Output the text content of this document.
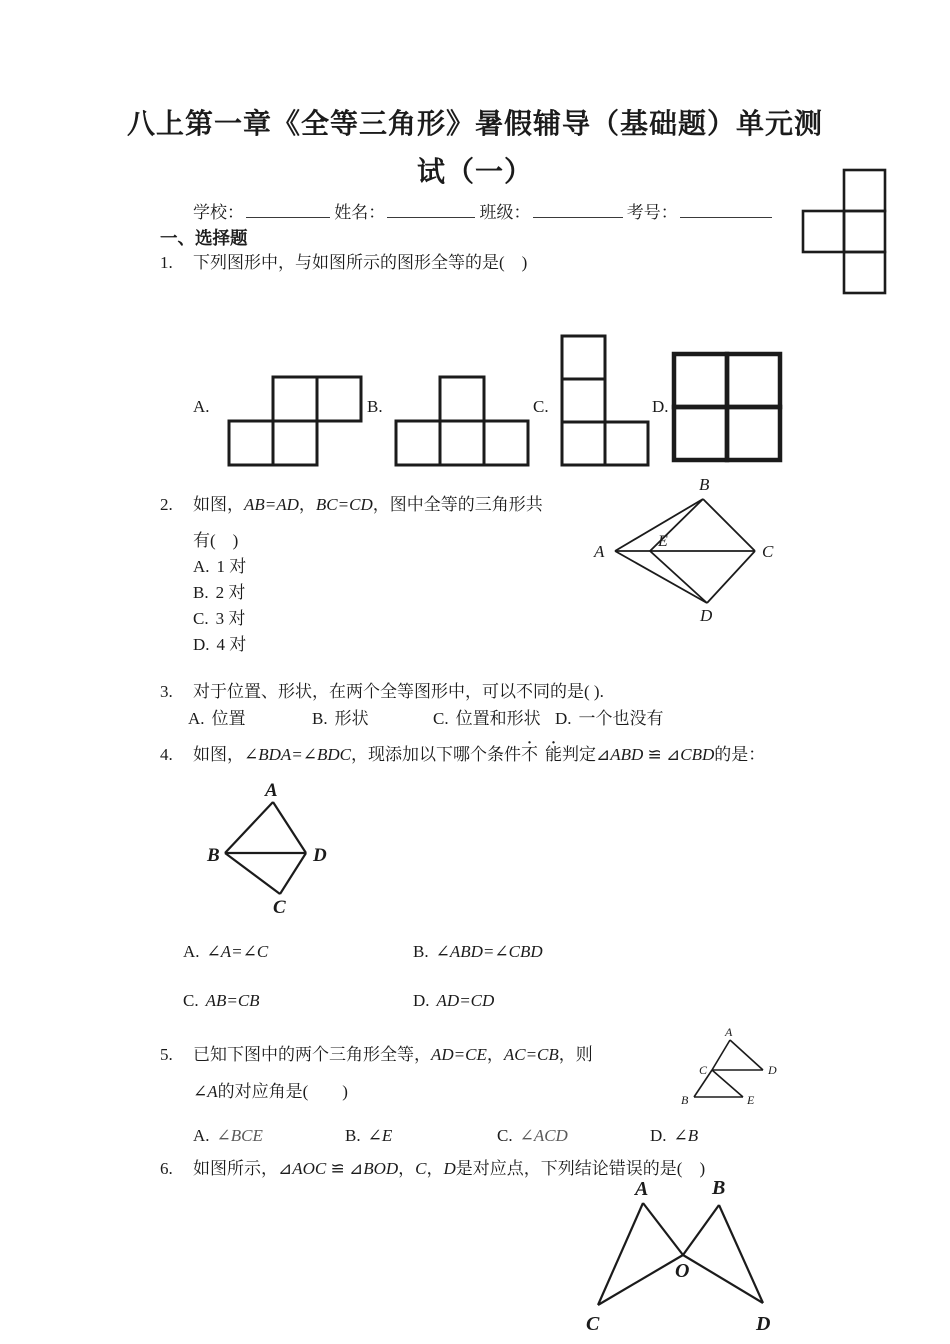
八上第一章《全等三角形》暑假辅导（基础题）单元测
试（一）
学校：	姓名：	班级：	考号：
一、选择题
1. 下列图形中，与如图所示的图形全等的是(　)
A.	B.	C.	D.
2. 如图，AB=AD，BC=CD，图中全等的三角形共
有(　)
A. 1 对
B. 2 对
C. 3 对
D. 4 对
A
B
C
D
E
3. 对于位置、形状，在两个全等图形中，可以不同的是( ).
A. 位置	B. 形状	C. 位置和形状 D. 一个也没有
4. 如图，∠BDA=∠BDC，现添加以下哪个条件不 能判定⊿ABD ≌ ⊿CBD的是：
A
B	D
C
A. ∠A=∠C	B. ∠ABD=∠CBD
C. AB=CB	D. AD=CD
5. 已知下图中的两个三角形全等，AD=CE，AC=CB，则
∠A的对应角是(　　)
A
C	D
B	E
A. ∠BCE	B. ∠E	C. ∠ACD	D. ∠B
6. 如图所示，⊿AOC ≌ ⊿BOD，C，D是对应点，下列结论错误的是(　)
A	B
O
C	D
